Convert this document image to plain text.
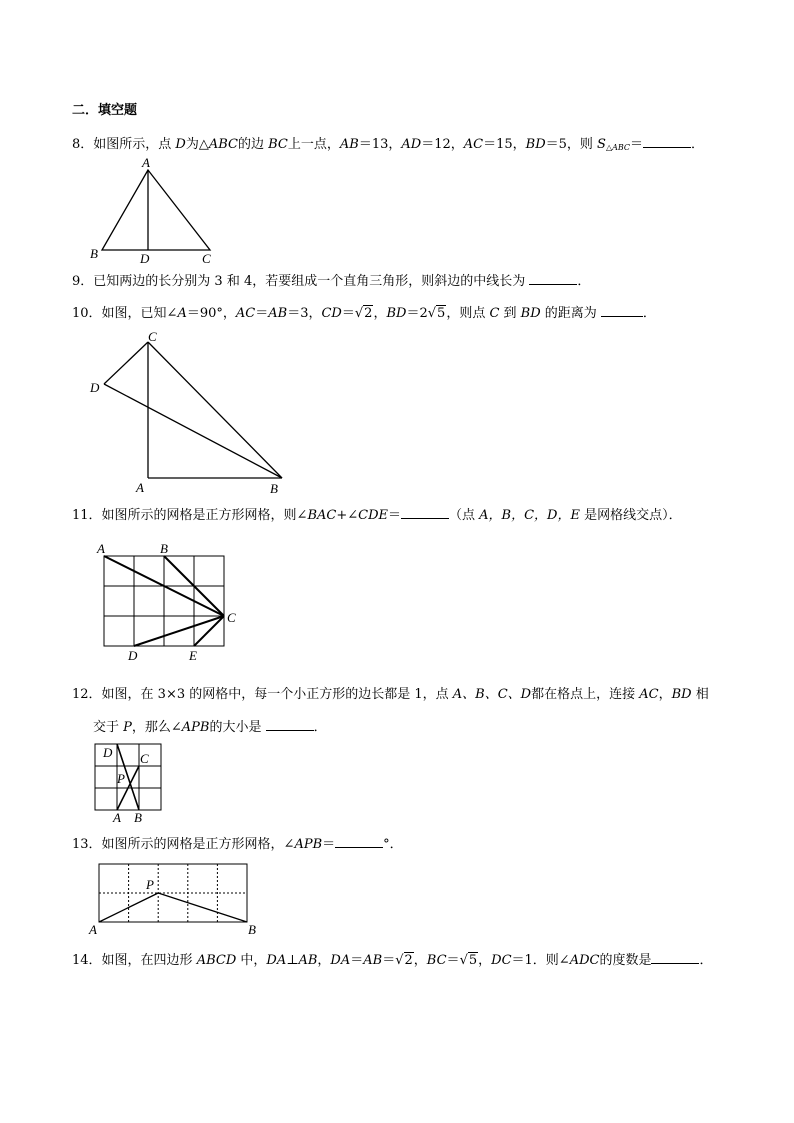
二．填空题
8．如图所示，点 D为△ABC的边 BC上一点，AB＝13，AD＝12，AC＝15，BD＝5，则 $S_{\triangle ABC}=$	．
A
B	D	C
9．已知两边的长分别为 3 和 4，若要组成一个直角三角形，则斜边的中线长为	．
10．如图，已知∠A＝90°，AC＝AB＝3，CD＝√2，BD＝2√5，则点 C 到 BD 的距离为	．
C
D
A	B
11．如图所示的网格是正方形网格，则∠BAC+∠CDE＝	（点 A，B，C，D，E 是网格线交点）．
A	B
C
D	E
12．如图，在 3×3 的网格中，每一个小正方形的边长都是 1，点 A、B、C、D都在格点上，连接 AC，BD 相
交于 P，那么∠APB的大小是	．
D C
P
A B
13．如图所示的网格是正方形网格，∠APB＝	°．
P
A	B
14．如图，在四边形 ABCD 中，DA⊥AB，DA＝AB＝√2，BC＝√5，DC＝1．则∠ADC的度数是	．
